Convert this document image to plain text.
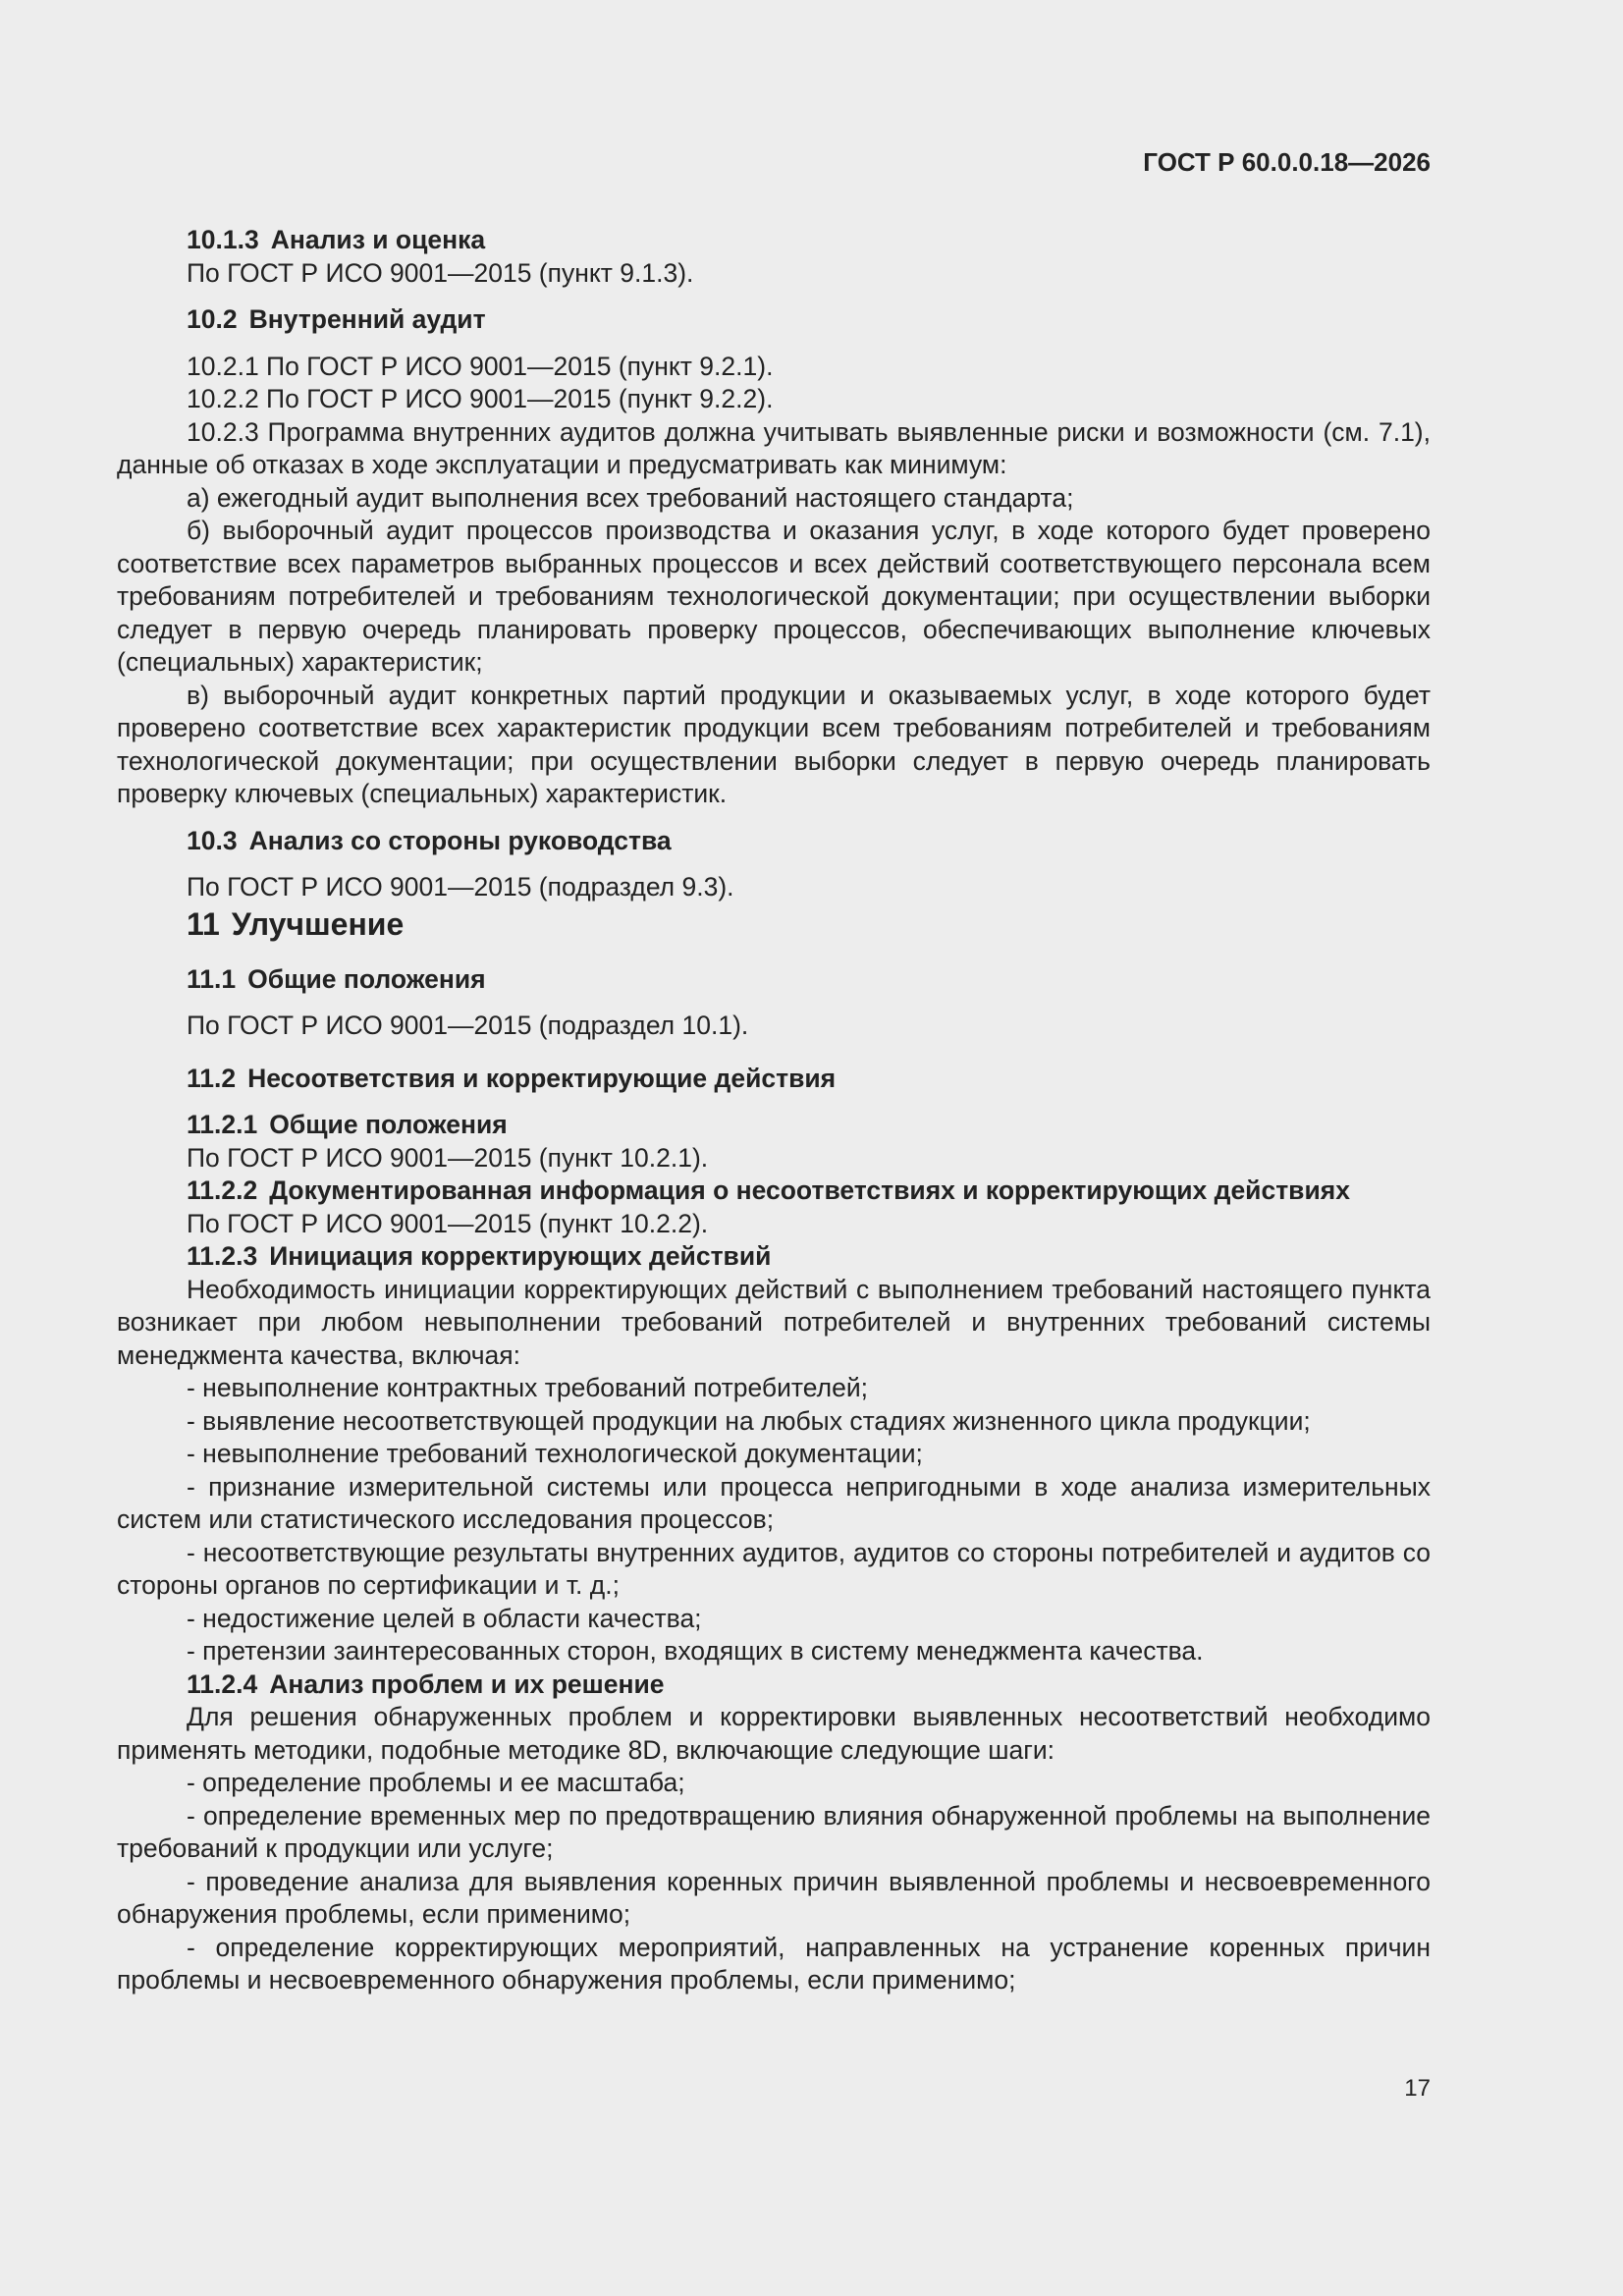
ГОСТ Р 60.0.0.18—2026
10.1.3 Анализ и оценка
По ГОСТ Р ИСО 9001—2015 (пункт 9.1.3).
10.2 Внутренний аудит
10.2.1 По ГОСТ Р ИСО 9001—2015 (пункт 9.2.1).
10.2.2 По ГОСТ Р ИСО 9001—2015 (пункт 9.2.2).
10.2.3 Программа внутренних аудитов должна учитывать выявленные риски и возможности (см. 7.1), данные об отказах в ходе эксплуатации и предусматривать как минимум:
а) ежегодный аудит выполнения всех требований настоящего стандарта;
б) выборочный аудит процессов производства и оказания услуг, в ходе которого будет проверено соответствие всех параметров выбранных процессов и всех действий соответствующего персонала всем требованиям потребителей и требованиям технологической документации; при осуществлении выборки следует в первую очередь планировать проверку процессов, обеспечивающих выполнение ключевых (специальных) характеристик;
в) выборочный аудит конкретных партий продукции и оказываемых услуг, в ходе которого будет проверено соответствие всех характеристик продукции всем требованиям потребителей и требованиям технологической документации; при осуществлении выборки следует в первую очередь планировать проверку ключевых (специальных) характеристик.
10.3 Анализ со стороны руководства
По ГОСТ Р ИСО 9001—2015 (подраздел 9.3).
11 Улучшение
11.1 Общие положения
По ГОСТ Р ИСО 9001—2015 (подраздел 10.1).
11.2 Несоответствия и корректирующие действия
11.2.1 Общие положения
По ГОСТ Р ИСО 9001—2015 (пункт 10.2.1).
11.2.2 Документированная информация о несоответствиях и корректирующих действиях
По ГОСТ Р ИСО 9001—2015 (пункт 10.2.2).
11.2.3 Инициация корректирующих действий
Необходимость инициации корректирующих действий с выполнением требований настоящего пункта возникает при любом невыполнении требований потребителей и внутренних требований системы менеджмента качества, включая:
- невыполнение контрактных требований потребителей;
- выявление несоответствующей продукции на любых стадиях жизненного цикла продукции;
- невыполнение требований технологической документации;
- признание измерительной системы или процесса непригодными в ходе анализа измерительных систем или статистического исследования процессов;
- несоответствующие результаты внутренних аудитов, аудитов со стороны потребителей и аудитов со стороны органов по сертификации и т. д.;
- недостижение целей в области качества;
- претензии заинтересованных сторон, входящих в систему менеджмента качества.
11.2.4 Анализ проблем и их решение
Для решения обнаруженных проблем и корректировки выявленных несоответствий необходимо применять методики, подобные методике 8D, включающие следующие шаги:
- определение проблемы и ее масштаба;
- определение временных мер по предотвращению влияния обнаруженной проблемы на выполнение требований к продукции или услуге;
- проведение анализа для выявления коренных причин выявленной проблемы и несвоевременного обнаружения проблемы, если применимо;
- определение корректирующих мероприятий, направленных на устранение коренных причин проблемы и несвоевременного обнаружения проблемы, если применимо;
17
